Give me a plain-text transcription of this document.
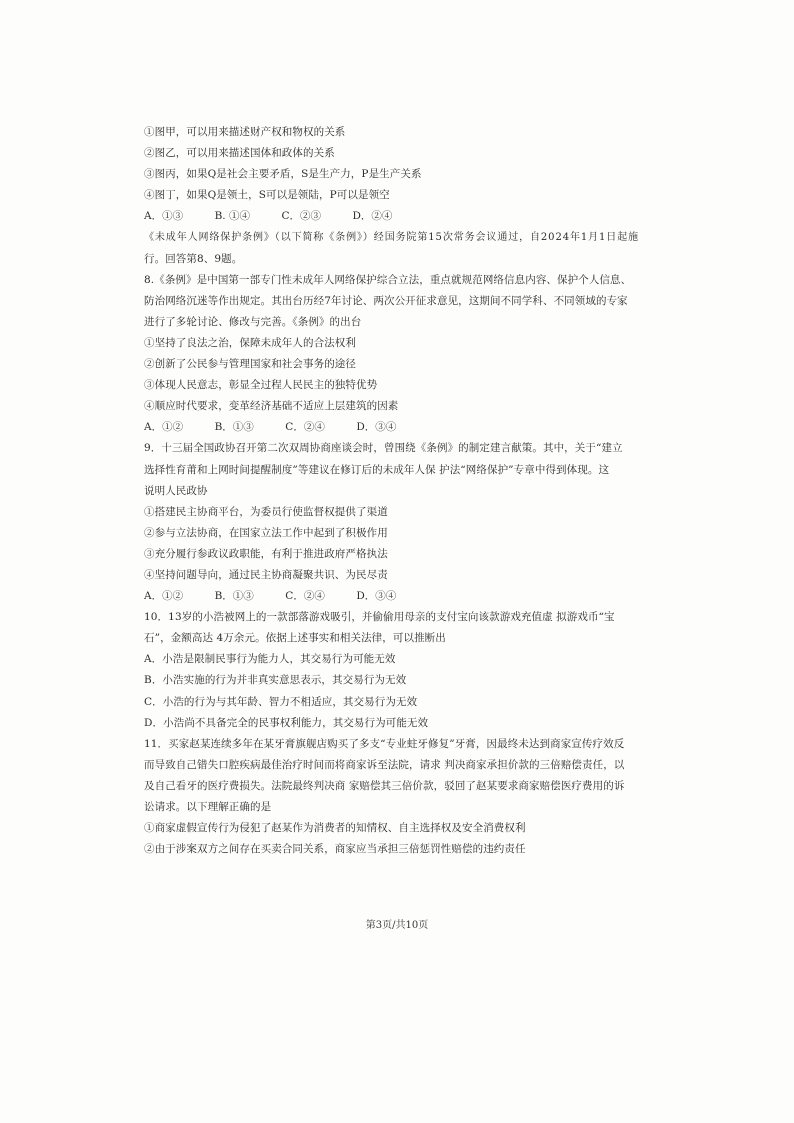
①图甲，可以用来描述财产权和物权的关系
②图乙，可以用来描述国体和政体的关系
③图丙，如果Q是社会主要矛盾，S是生产力，P是生产关系
④图丁，如果Q是领土，S可以是领陆，P可以是领空
A．①③　　　B. ①④　　　C．②③　　　D．②④
《未成年人网络保护条例》（以下简称《条例》）经国务院第15次常务会议通过，自2024年1月1日起施
行。回答第8、9题。
8.《条例》是中国第一部专门性未成年人网络保护综合立法，重点就规范网络信息内容、保护个人信息、
防治网络沉迷等作出规定。其出台历经7年讨论、两次公开征求意见，这期间不同学科、不同领域的专家
进行了多轮讨论、修改与完善。《条例》的出台
①坚持了良法之治，保障未成年人的合法权利
②创新了公民参与管理国家和社会事务的途径
③体现人民意志，彰显全过程人民民主的独特优势
④顺应时代要求，变革经济基础不适应上层建筑的因素
A．①②　　　B．①③　　　C．②④　　　D．③④
9．十三届全国政协召开第二次双周协商座谈会时，曾围绕《条例》的制定建言献策。其中，关于“建立
选择性育莆和上网时间提醒制度”等建议在修订后的未成年人保 护法“网络保护”专章中得到体现。这
说明人民政协
①搭建民主协商平台，为委员行使监督权提供了渠道
②参与立法协商，在国家立法工作中起到了积极作用
③充分履行参政议政职能，有利于推进政府严格执法
④坚持问题导向，通过民主协商凝聚共识、为民尽责
A．①②　　　B．①③　　　C．②④　　　D．③④
10．13岁的小浩被网上的一款部落游戏吸引，并偷偷用母亲的支付宝向该款游戏充值虚 拟游戏币“宝
石”，金额高达 4万余元。依据上述事实和相关法律，可以推断出
A．小浩是限制民事行为能力人，其交易行为可能无效
B．小浩实施的行为并非真实意思表示，其交易行为无效
C．小浩的行为与其年龄、智力不相适应，其交易行为无效
D．小浩尚不具备完全的民事权利能力，其交易行为可能无效
11．买家赵某连续多年在某牙膏旗舰店购买了多支“专业蛀牙修复”牙膏，因最终未达到商家宣传疗效反
而导致自己错失口腔疾病最佳治疗时间而将商家诉至法院，请求 判决商家承担价款的三倍赔偿责任，以
及自己看牙的医疗费损失。法院最终判决商 家赔偿其三倍价款，驳回了赵某要求商家赔偿医疗费用的诉
讼请求。以下理解正确的是
①商家虚假宣传行为侵犯了赵某作为消费者的知情权、自主选择权及安全消费权利
②由于涉案双方之间存在买卖合同关系，商家应当承担三倍惩罚性赔偿的违约责任
第3页/共10页
